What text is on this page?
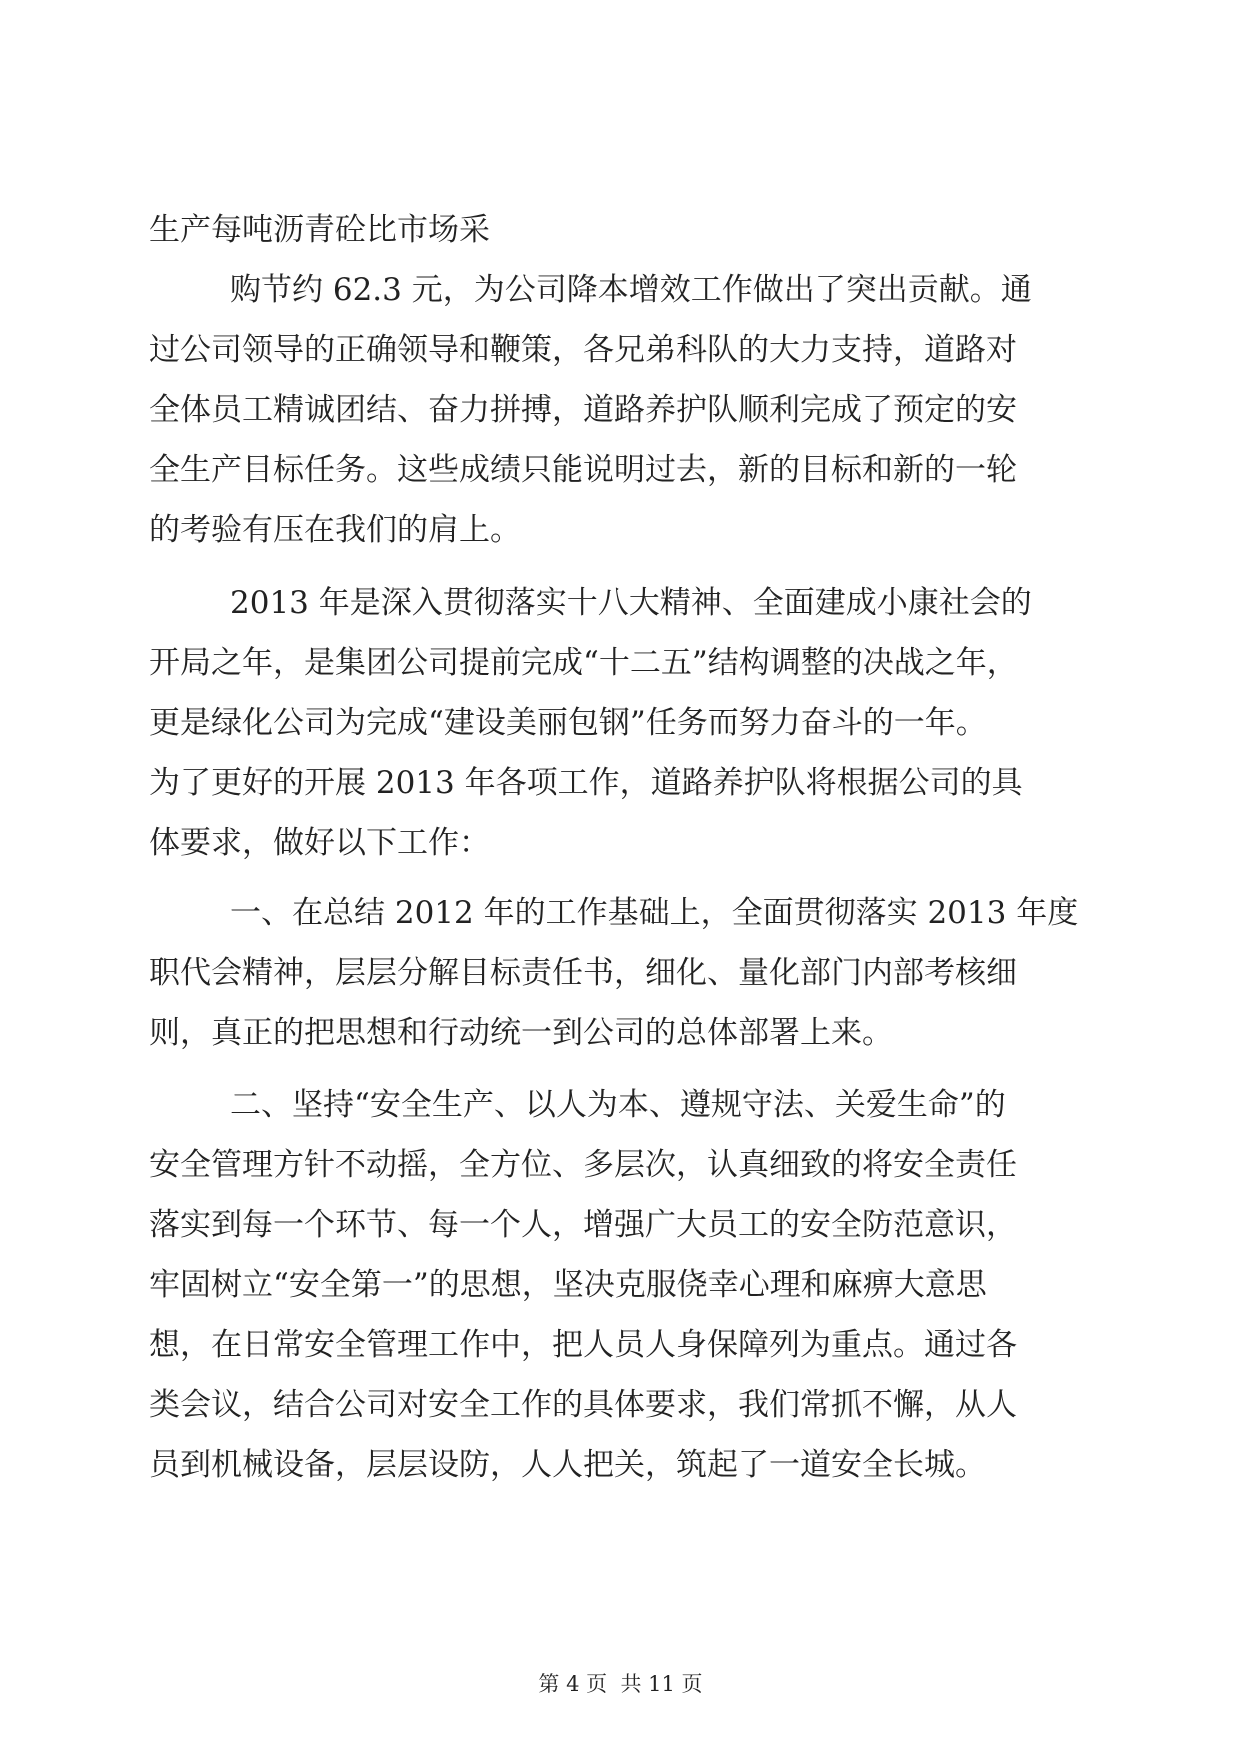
生产每吨沥青砼比市场采
购节约 62.3 元，为公司降本增效工作做出了突出贡献。通
过公司领导的正确领导和鞭策，各兄弟科队的大力支持，道路对
全体员工精诚团结、奋力拼搏，道路养护队顺利完成了预定的安
全生产目标任务。这些成绩只能说明过去，新的目标和新的一轮
的考验有压在我们的肩上。
2013 年是深入贯彻落实十八大精神、全面建成小康社会的
开局之年，是集团公司提前完成“十二五”结构调整的决战之年，
更是绿化公司为完成“建设美丽包钢”任务而努力奋斗的一年。
为了更好的开展 2013 年各项工作，道路养护队将根据公司的具
体要求，做好以下工作：
一、在总结 2012 年的工作基础上，全面贯彻落实 2013 年度
职代会精神，层层分解目标责任书，细化、量化部门内部考核细
则，真正的把思想和行动统一到公司的总体部署上来。
二、坚持“安全生产、以人为本、遵规守法、关爱生命”的
安全管理方针不动摇，全方位、多层次，认真细致的将安全责任
落实到每一个环节、每一个人，增强广大员工的安全防范意识，
牢固树立“安全第一”的思想，坚决克服侥幸心理和麻痹大意思
想，在日常安全管理工作中，把人员人身保障列为重点。通过各
类会议，结合公司对安全工作的具体要求，我们常抓不懈，从人
员到机械设备，层层设防，人人把关，筑起了一道安全长城。
第 4 页  共 11 页
